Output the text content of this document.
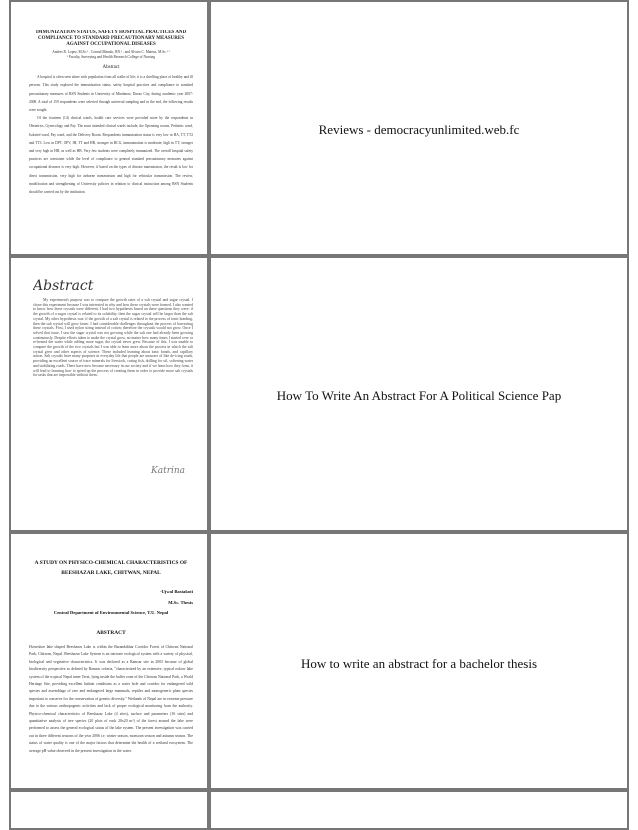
IMMUNIZATION STATUS, SAFETY HOSPITAL PRACTICES AND COMPLIANCE TO STANDARD PRECAUTIONARY MEASURES AGAINST OCCUPATIONAL DISEASES
Andres R. Lopez, M.Sc.¹ , Conrad Manalo, RN.¹ , and Alvaro C. Mateus, M.Sc.¹ ²
¹ Faculty, Surveying and Health Research College of Nursing
Abstract
A hospital is often seen alone with population from all walks of life; it is a dwelling place of healthy and ill persons. This study explored the immunization status, safety hospital practices and compliance to standard precautionary measures of BSN Students in University of Mindanao, Davao City, during academic year 2007-2008. A total of 159 respondents were selected through universal sampling and in the end, the following results were sought.
Of the fourteen (14) clinical wards, health care services were provided more by the respondents in Obstetrics, Gynecology and Pay. The most intended clinical wards include, the Operating rooms, Pediatric ward, Isolated ward, Pay ward, and the Delivery Room. Respondents immunization status is very low in HA, TT, TT2 and TT3. Low in DPT, OPV, IH, TT and HB, stronger in BCG, immunization is moderate; high in TT; stronger and very high in HB, as well as HB. Very few students were completely immunized. The overall hospital safety practices are consistent while the level of compliance to general standard precautionary measures against occupational diseases is very high. However, if based on the types of disease transmission, the result is low for direct transmission, very high for airborne transmission and high for vehicular transmission. The review, modification and strengthening of University policies in relation to clinical instruction among BSN Students should be carried out by the institution.
Reviews - democracyunlimited.web.fc
Abstract
My experiment's purpose was to compare the growth rates of a salt crystal and sugar crystal. I chose this experiment because I was interested in why and how these crystals were formed. I also wanted to know how these crystals were different. I had two hypotheses based on these questions they were: if the growth of a sugar crystal is related to its solubility, then the sugar crystal will be larger than the salt crystal. My other hypothesis was: if the growth of a salt crystal is related to the process of ionic bonding, then the salt crystal will grow faster. I had considerable challenges throughout the process of harvesting these crystals. First, I used nylon string instead of cotton; therefore the crystals would not grow. Once I solved that issue, I saw the sugar crystal was not growing while the salt one had already been growing continuously. Despite efforts taken to make the crystal grow, no matter how many times I started over or re-heated the water while adding more sugar, the crystal never grew. Because of this, I was unable to compare the growth of the two crystals but I was able to learn more about the process in which the salt crystal grew and other aspects of science. These included learning about ionic bonds, and capillary action. Salt crystals have many purposes in everyday life that people are unaware of like de-icing roads, providing an excellent source of trace minerals for livestock, curing fish, drilling for oil, softening water and stabilizing roads. There have now become necessary in our society and if we learn how they form, it will lead to learning how to speed up the process of creating them in order to provide more salt crystals for tasks that are impossible without them.
Katrina
How To Write An Abstract For A Political Science Pap
A STUDY ON PHYSICO-CHEMICAL CHARACTERISTICS OF BEESHAZAR LAKE, CHITWAN, NEPAL
-Ujwal Bastakoti
M.Sc. Thesis
Central Department of Environmental Science, T.U. Nepal
ABSTRACT
Horseshoe lake shaped Beeshazar Lake is within the Barandabhar Corridor Forest of Chitwan National Park, Chitwan, Nepal. Beeshazar Lake System is an intricate ecological system with a variety of physical, biological and vegetative characteristics. It was declared as a Ramsar site in 2003 because of global biodiversity perspective as defined by Ramsar criteria, "characterized by an extensive, typical oxbow lake system of the tropical Nepal inner Terai, lying inside the buffer zone of the Chitwan National Park, a World Heritage Site, providing excellent habitat conditions as a water hole and corridor for endangered wild species and assemblage of rare and endangered large mammals, reptiles and monogeneric plant species important to conserve for the conservation of genetic diversity." Wetlands of Nepal are in extreme pressure due to the various anthropogenic activities and lack of proper ecological monitoring from the authority. Physico-chemical characteristics of Beeshazar Lake (4 sites), surface and parameters (16 sites) and quantitative analysis of tree species (20 plots of each 20x20 m²) of the forest around the lake were performed to assess the general ecological status of the lake system. The present investigation was carried out in three different seasons of the year 2006 i.e. winter season, monsoon season and autumn season. The status of water quality is one of the major factors that determine the health of a wetland ecosystem. The average pH value observed in the present investigation in the water.
How to write an abstract for a bachelor thesis
